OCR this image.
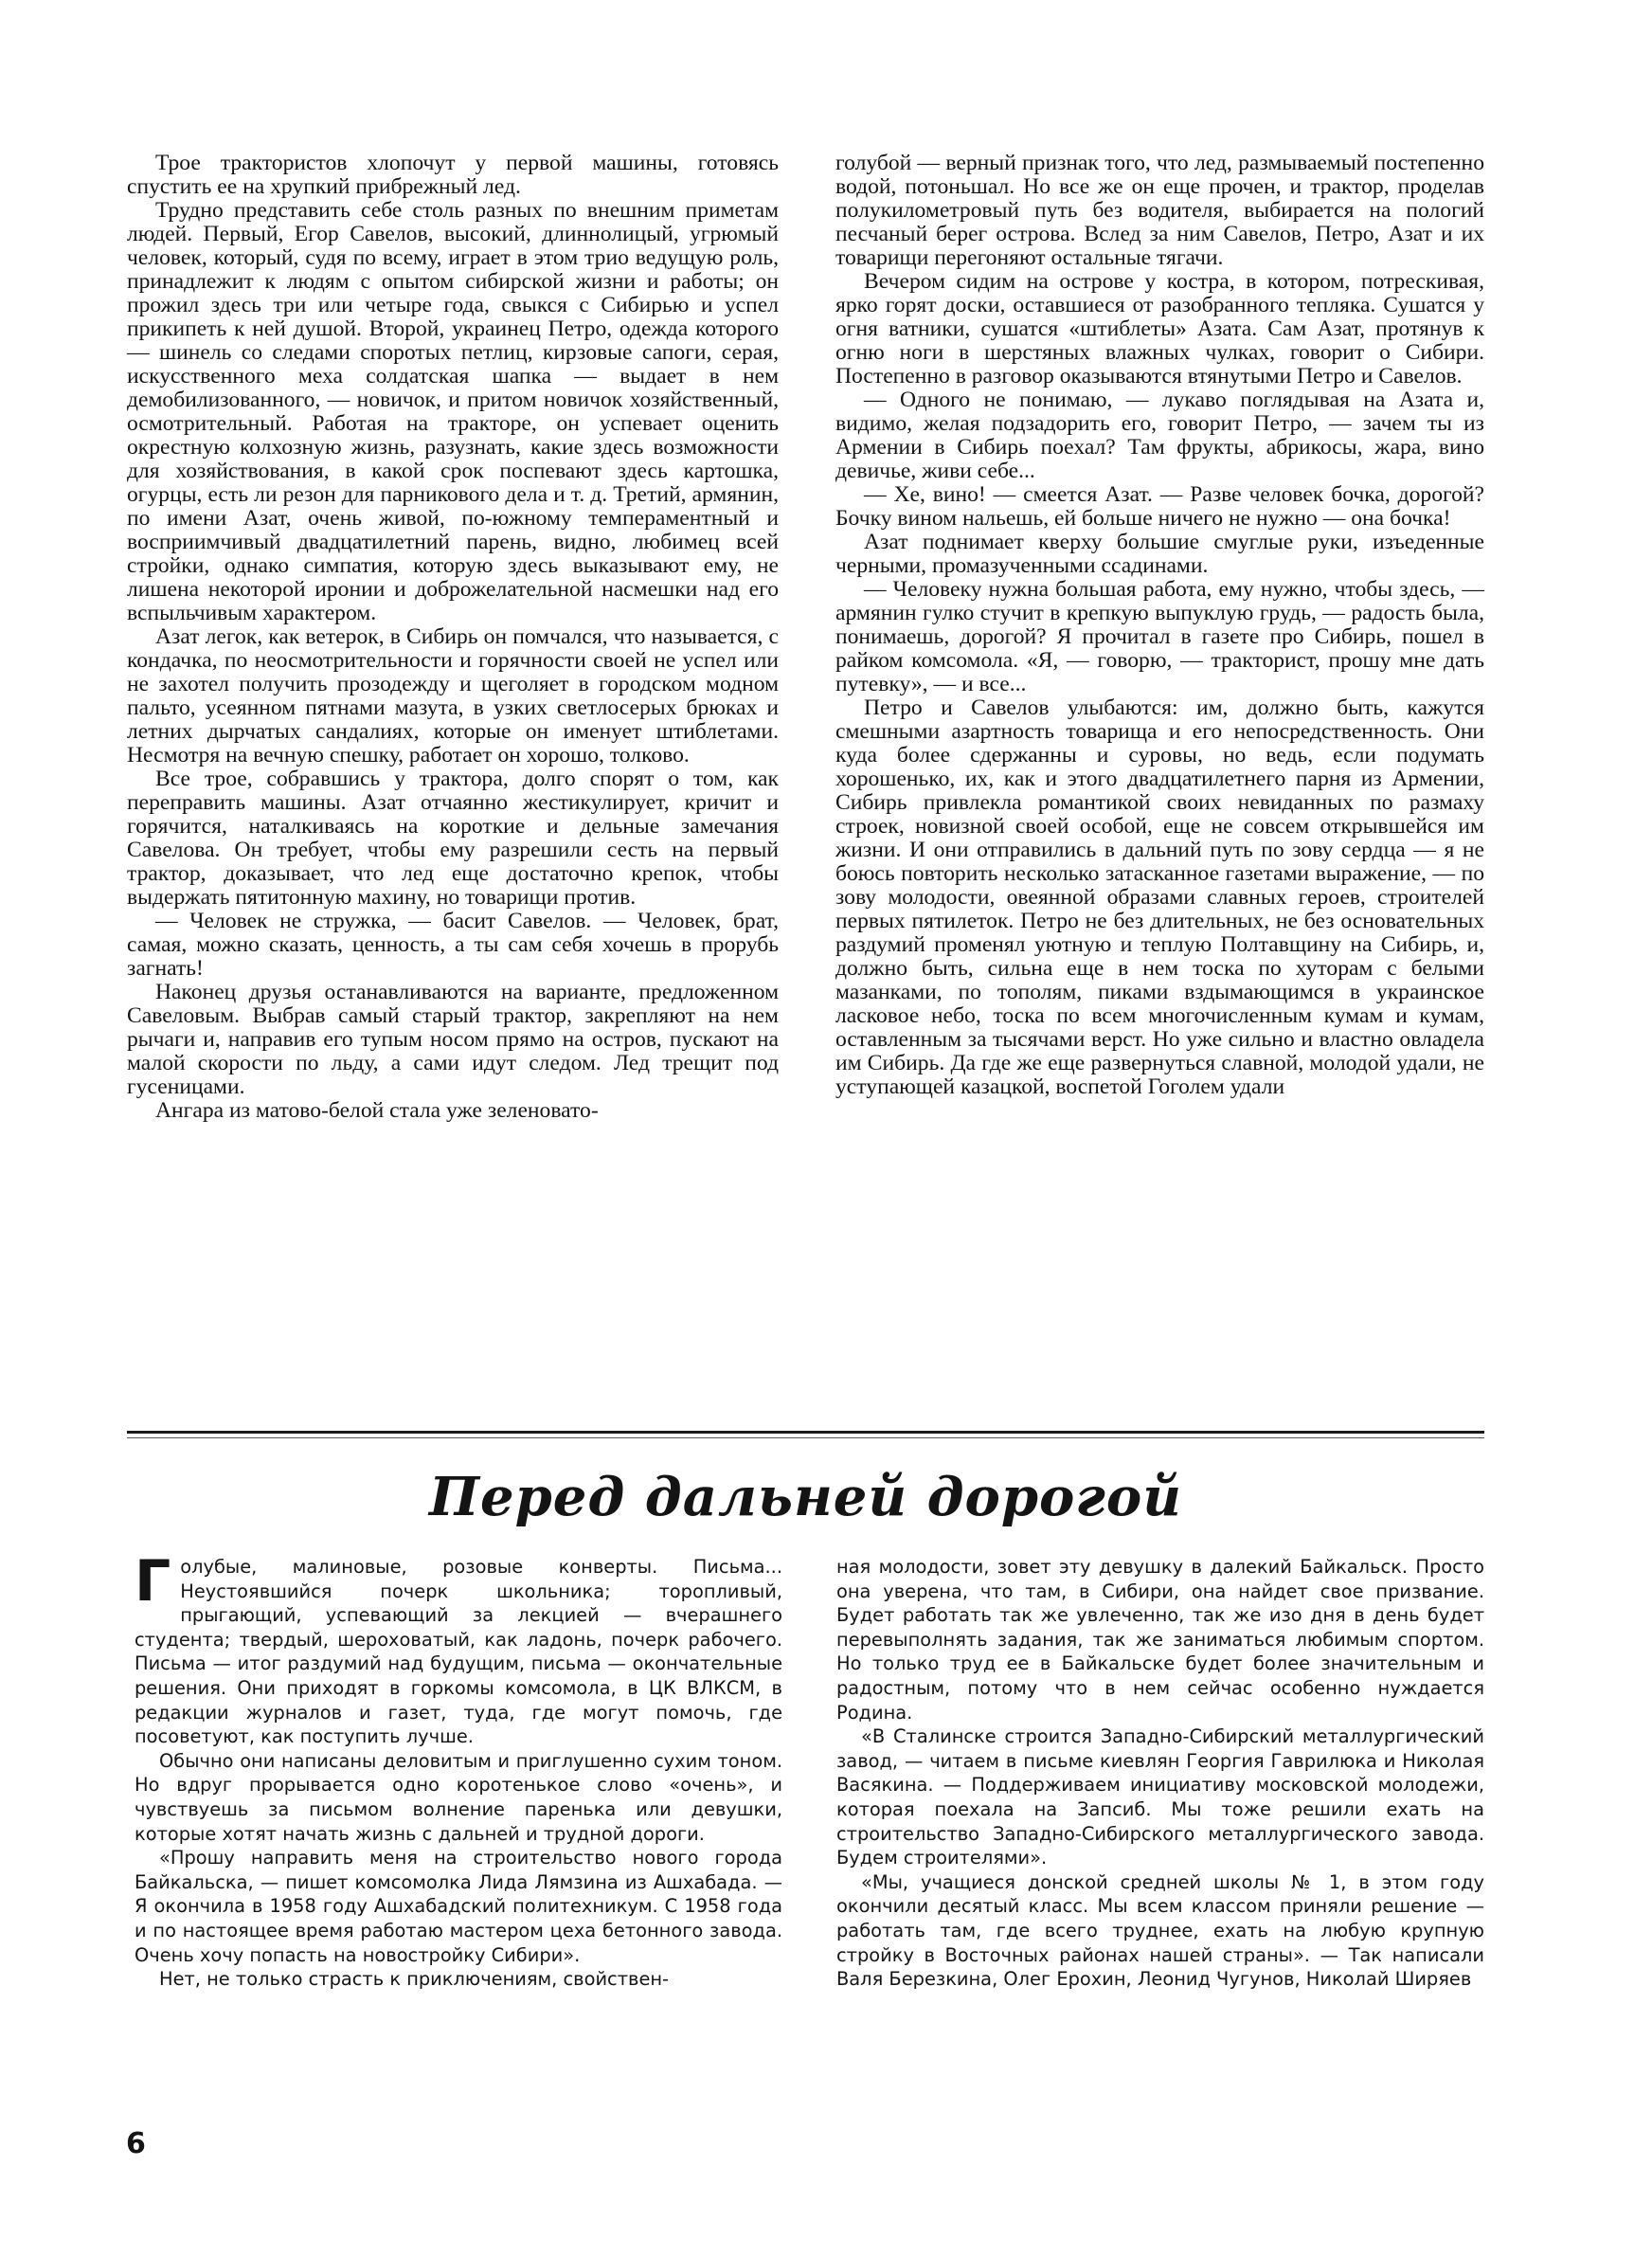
Трое трактористов хлопочут у первой машины, готовясь спустить ее на хрупкий прибрежный лед.

Трудно представить себе столь разных по внешним приметам людей. Первый, Егор Савелов, высокий, длиннолицый, угрюмый человек, который, судя по всему, играет в этом трио ведущую роль, принадлежит к людям с опытом сибирской жизни и работы; он прожил здесь три или четыре года, свыкся с Сибирью и успел прикипеть к ней душой. Второй, украинец Петро, одежда которого — шинель со следами споротых петлиц, кирзовые сапоги, серая, искусственного меха солдатская шапка — выдает в нем демобилизованного, — новичок, и притом новичок хозяйственный, осмотрительный. Работая на тракторе, он успевает оценить окрестную колхозную жизнь, разузнать, какие здесь возможности для хозяйствования, в какой срок поспевают здесь картошка, огурцы, есть ли резон для парникового дела и т. д. Третий, армянин, по имени Азат, очень живой, по-южному темпераментный и восприимчивый двадцатилетний парень, видно, любимец всей стройки, однако симпатия, которую здесь выказывают ему, не лишена некоторой иронии и доброжелательной насмешки над его вспыльчивым характером.

Азат легок, как ветерок, в Сибирь он помчался, что называется, с кондачка, по неосмотрительности и горячности своей не успел или не захотел получить прозодежду и щеголяет в городском модном пальто, усеянном пятнами мазута, в узких светлосерых брюках и летних дырчатых сандалиях, которые он именует штиблетами. Несмотря на вечную спешку, работает он хорошо, толково.

Все трое, собравшись у трактора, долго спорят о том, как переправить машины. Азат отчаянно жестикулирует, кричит и горячится, наталкиваясь на короткие и дельные замечания Савелова. Он требует, чтобы ему разрешили сесть на первый трактор, доказывает, что лед еще достаточно крепок, чтобы выдержать пятитонную махину, но товарищи против.

— Человек не стружка, — басит Савелов. — Человек, брат, самая, можно сказать, ценность, а ты сам себя хочешь в прорубь загнать!

Наконец друзья останавливаются на варианте, предложенном Савеловым. Выбрав самый старый трактор, закрепляют на нем рычаги и, направив его тупым носом прямо на остров, пускают на малой скорости по льду, а сами идут следом. Лед трещит под гусеницами.

Ангара из матово-белой стала уже зеленовато-

голубой — верный признак того, что лед, размываемый постепенно водой, потоньшал. Но все же он еще прочен, и трактор, проделав полукилометровый путь без водителя, выбирается на пологий песчаный берег острова. Вслед за ним Савелов, Петро, Азат и их товарищи перегоняют остальные тягачи.

Вечером сидим на острове у костра, в котором, потрескивая, ярко горят доски, оставшиеся от разобранного тепляка. Сушатся у огня ватники, сушатся «штиблеты» Азата. Сам Азат, протянув к огню ноги в шерстяных влажных чулках, говорит о Сибири. Постепенно в разговор оказываются втянутыми Петро и Савелов.

— Одного не понимаю, — лукаво поглядывая на Азата и, видимо, желая подзадорить его, говорит Петро, — зачем ты из Армении в Сибирь поехал? Там фрукты, абрикосы, жара, вино девичье, живи себе...

— Хе, вино! — смеется Азат. — Разве человек бочка, дорогой? Бочку вином нальешь, ей больше ничего не нужно — она бочка!

Азат поднимает кверху большие смуглые руки, изъеденные черными, промазученными ссадинами.

— Человеку нужна большая работа, ему нужно, чтобы здесь, — армянин гулко стучит в крепкую выпуклую грудь, — радость была, понимаешь, дорогой? Я прочитал в газете про Сибирь, пошел в райком комсомола. «Я, — говорю, — тракторист, прошу мне дать путевку», — и все...

Петро и Савелов улыбаются: им, должно быть, кажутся смешными азартность товарища и его непосредственность. Они куда более сдержанны и суровы, но ведь, если подумать хорошенько, их, как и этого двадцатилетнего парня из Армении, Сибирь привлекла романтикой своих невиданных по размаху строек, новизной своей особой, еще не совсем открывшейся им жизни. И они отправились в дальний путь по зову сердца — я не боюсь повторить несколько затасканное газетами выражение, — по зову молодости, овеянной образами славных героев, строителей первых пятилеток. Петро не без длительных, не без основательных раздумий променял уютную и теплую Полтавщину на Сибирь, и, должно быть, сильна еще в нем тоска по хуторам с белыми мазанками, по тополям, пиками вздымающимся в украинское ласковое небо, тоска по всем многочисленным кумам и кумам, оставленным за тысячами верст. Но уже сильно и властно овладела им Сибирь. Да где же еще развернуться славной, молодой удали, не уступающей казацкой, воспетой Гоголем удали

Перед дальней дорогой

Голубые, малиновые, розовые конверты. Письма... Неустоявшийся почерк школьника; торопливый, прыгающий, успевающий за лекцией — вчерашнего студента; твердый, шероховатый, как ладонь, почерк рабочего. Письма — итог раздумий над будущим, письма — окончательные решения. Они приходят в горкомы комсомола, в ЦК ВЛКСМ, в редакции журналов и газет, туда, где могут помочь, где посоветуют, как поступить лучше.

Обычно они написаны деловитым и приглушенно сухим тоном. Но вдруг прорывается одно коротенькое слово «очень», и чувствуешь за письмом волнение паренька или девушки, которые хотят начать жизнь с дальней и трудной дороги.

«Прошу направить меня на строительство нового города Байкальска, — пишет комсомолка Лида Лямзина из Ашхабада. — Я окончила в 1958 году Ашхабадский политехникум. С 1958 года и по настоящее время работаю мастером цеха бетонного завода. Очень хочу попасть на новостройку Сибири».

Нет, не только страсть к приключениям, свойствен-

ная молодости, зовет эту девушку в далекий Байкальск. Просто она уверена, что там, в Сибири, она найдет свое призвание. Будет работать так же увлеченно, так же изо дня в день будет перевыполнять задания, так же заниматься любимым спортом. Но только труд ее в Байкальске будет более значительным и радостным, потому что в нем сейчас особенно нуждается Родина.

«В Сталинске строится Западно-Сибирский металлургический завод, — читаем в письме киевлян Георгия Гаврилюка и Николая Васякина. — Поддерживаем инициативу московской молодежи, которая поехала на Запсиб. Мы тоже решили ехать на строительство Западно-Сибирского металлургического завода. Будем строителями».

«Мы, учащиеся донской средней школы № 1, в этом году окончили десятый класс. Мы всем классом приняли решение — работать там, где всего труднее, ехать на любую крупную стройку в Восточных районах нашей страны». — Так написали Валя Березкина, Олег Ерохин, Леонид Чугунов, Николай Ширяев

6
